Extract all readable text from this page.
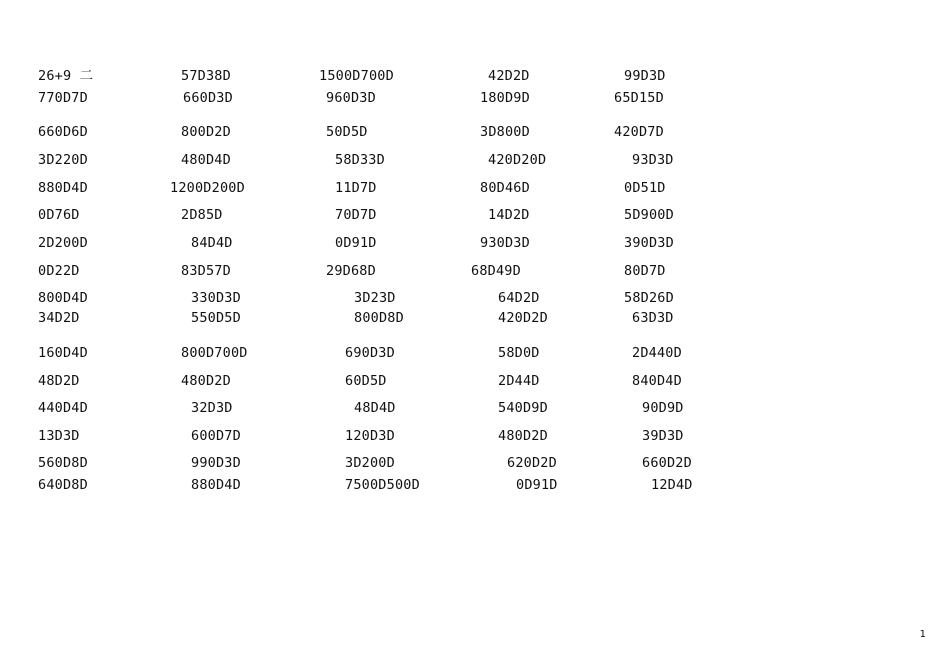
26+9 二	57D38D	1500D700D	42D2D	99D3D
770D7D	660D3D	960D3D	180D9D	65D15D
660D6D	800D2D	50D5D	3D800D	420D7D
3D220D	480D4D	58D33D	420D20D	93D3D
880D4D	1200D200D	11D7D	80D46D	0D51D
0D76D	2D85D	70D7D	14D2D	5D900D
2D200D	84D4D	0D91D	930D3D	390D3D
0D22D	83D57D	29D68D	68D49D	80D7D
800D4D	330D3D	3D23D	64D2D	58D26D
34D2D	550D5D	800D8D	420D2D	63D3D
160D4D	800D700D	690D3D	58D0D	2D440D
48D2D	480D2D	60D5D	2D44D	840D4D
440D4D	32D3D	48D4D	540D9D	90D9D
13D3D	600D7D	120D3D	480D2D	39D3D
560D8D	990D3D	3D200D	620D2D	660D2D
640D8D	880D4D	7500D500D	0D91D	12D4D
1
